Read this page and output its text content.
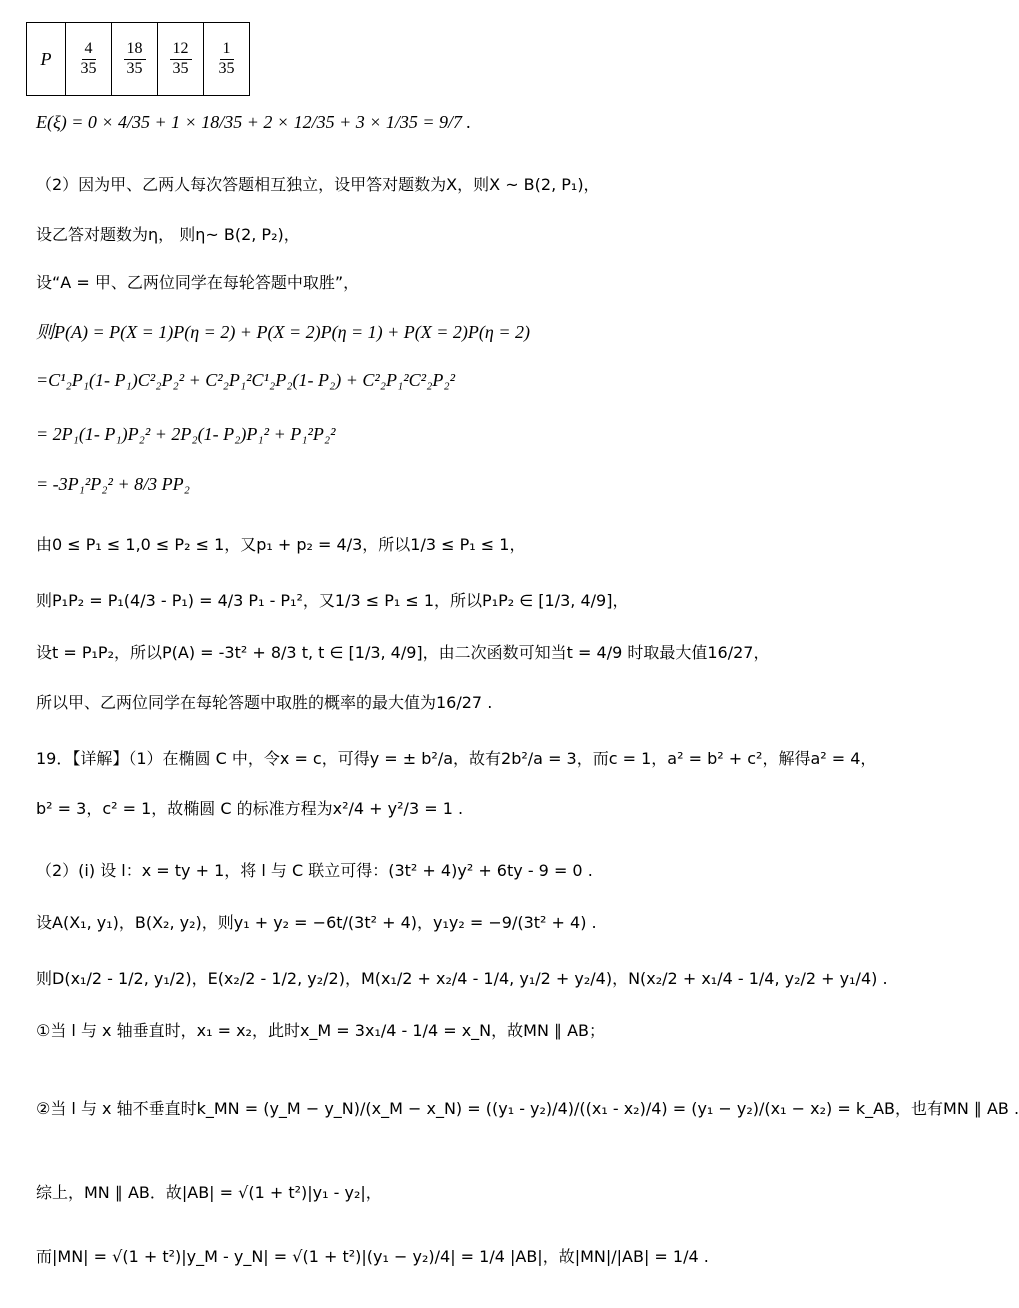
P	$\frac{4}{35}$	$\frac{18}{35}$	$\frac{12}{35}$	$\frac{1}{35}$
E(ξ) = 0 × 4/35 + 1 × 18/35 + 2 × 12/35 + 3 × 1/35 = 9/7 .
（2）因为甲、乙两人每次答题相互独立，设甲答对题数为X，则X ~ B(2, P₁)，
设乙答对题数为η， 则η~ B(2, P₂)，
设“A = 甲、乙两位同学在每轮答题中取胜”，
则P(A) = P(X = 1)P(η = 2) + P(X = 2)P(η = 1) + P(X = 2)P(η = 2)
=C¹₂P₁(1- P₁)C²₂P₂² + C²₂P₁²C¹₂P₂(1- P₂) + C²₂P₁²C²₂P₂²
= 2P₁(1- P₁)P₂² + 2P₂(1- P₂)P₁² + P₁²P₂²
= -3P₁²P₂² + 8/3 PP₂
由0 ≤ P₁ ≤ 1,0 ≤ P₂ ≤ 1，又p₁ + p₂ = 4/3，所以1/3 ≤ P₁ ≤ 1，
则P₁P₂ = P₁(4/3 - P₁) = 4/3 P₁ - P₁²，又1/3 ≤ P₁ ≤ 1，所以P₁P₂ ∈ [1/3, 4/9]，
设t = P₁P₂，所以P(A) = -3t² + 8/3 t, t ∈ [1/3, 4/9]，由二次函数可知当t = 4/9 时取最大值16/27，
所以甲、乙两位同学在每轮答题中取胜的概率的最大值为16/27 .
19．【详解】（1）在椭圆 C 中，令x = c，可得y = ± b²/a，故有2b²/a = 3，而c = 1，a² = b² + c²，解得a² = 4，
b² = 3，c² = 1，故椭圆 C 的标准方程为x²/4 + y²/3 = 1 .
（2）(i) 设 l：x = ty + 1，将 l 与 C 联立可得：(3t² + 4)y² + 6ty - 9 = 0 .
设A(X₁, y₁)，B(X₂, y₂)，则y₁ + y₂ = −6t/(3t² + 4)，y₁y₂ = −9/(3t² + 4) .
则D(x₁/2 - 1/2, y₁/2)，E(x₂/2 - 1/2, y₂/2)，M(x₁/2 + x₂/4 - 1/4, y₁/2 + y₂/4)，N(x₂/2 + x₁/4 - 1/4, y₂/2 + y₁/4) .
①当 l 与 x 轴垂直时，x₁ = x₂，此时x_M = 3x₁/4 - 1/4 = x_N，故MN ∥ AB；
②当 l 与 x 轴不垂直时k_MN = (y_M − y_N)/(x_M − x_N) = ((y₁ - y₂)/4)/((x₁ - x₂)/4) = (y₁ − y₂)/(x₁ − x₂) = k_AB，也有MN ∥ AB .
综上，MN ∥ AB．故|AB| = √(1 + t²)|y₁ - y₂|，
而|MN| = √(1 + t²)|y_M - y_N| = √(1 + t²)|(y₁ − y₂)/4| = 1/4 |AB|，故|MN|/|AB| = 1/4 .
